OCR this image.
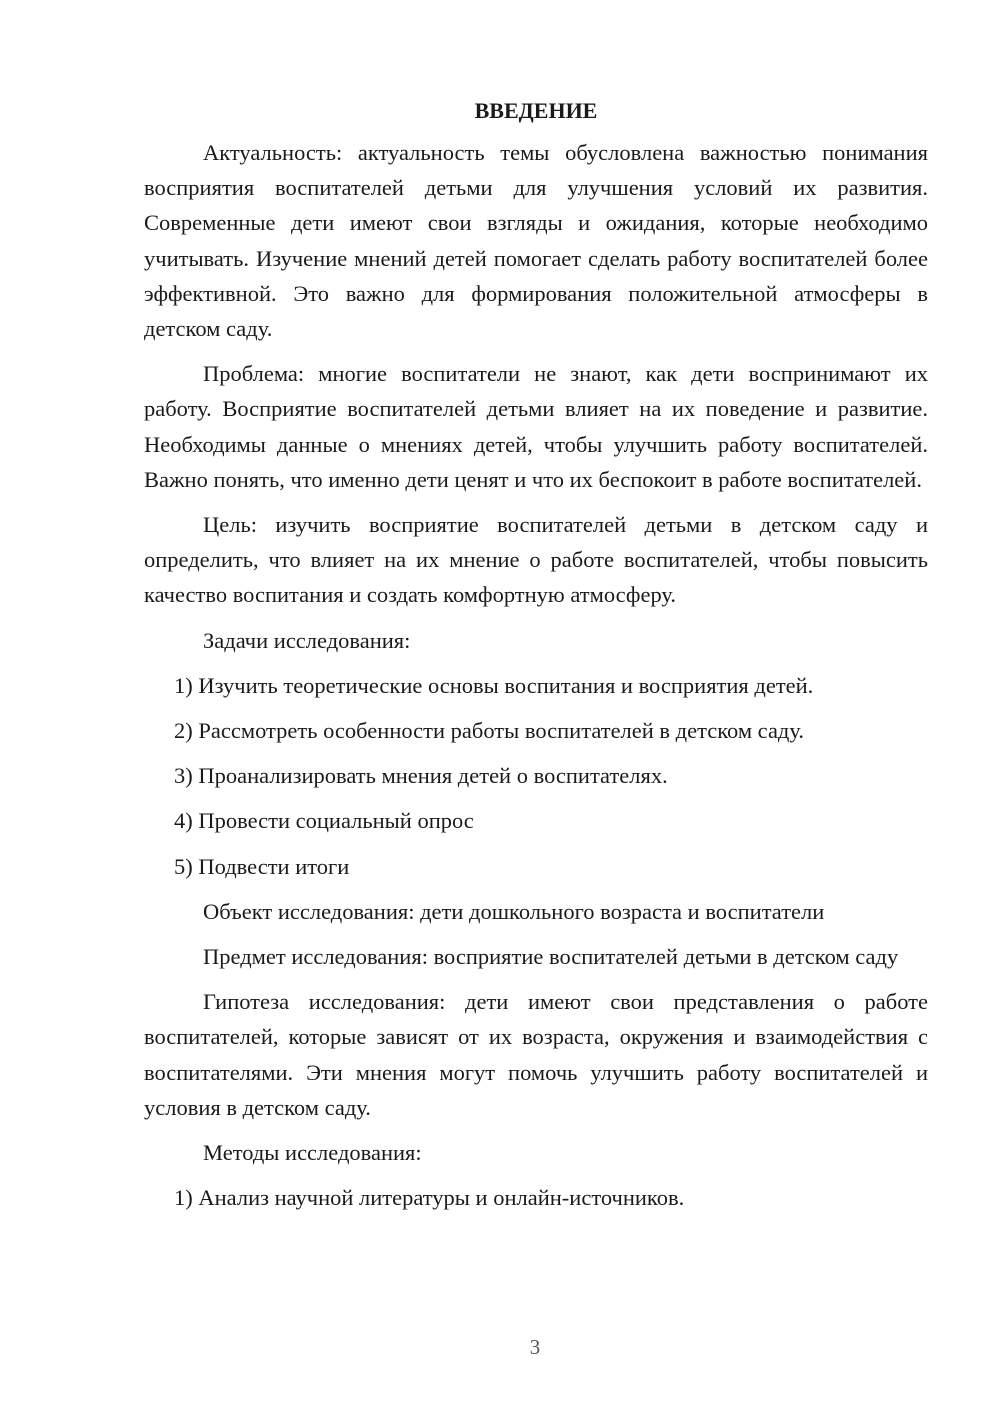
ВВЕДЕНИЕ
Актуальность: актуальность темы обусловлена важностью понимания восприятия воспитателей детьми для улучшения условий их развития. Современные дети имеют свои взгляды и ожидания, которые необходимо учитывать. Изучение мнений детей помогает сделать работу воспитателей более эффективной. Это важно для формирования положительной атмосферы в детском саду.
Проблема: многие воспитатели не знают, как дети воспринимают их работу. Восприятие воспитателей детьми влияет на их поведение и развитие. Необходимы данные о мнениях детей, чтобы улучшить работу воспитателей. Важно понять, что именно дети ценят и что их беспокоит в работе воспитателей.
Цель: изучить восприятие воспитателей детьми в детском саду и определить, что влияет на их мнение о работе воспитателей, чтобы повысить качество воспитания и создать комфортную атмосферу.
Задачи исследования:
1) Изучить теоретические основы воспитания и восприятия детей.
2) Рассмотреть особенности работы воспитателей в детском саду.
3) Проанализировать мнения детей о воспитателях.
4) Провести социальный опрос
5) Подвести итоги
Объект исследования: дети дошкольного возраста и воспитатели
Предмет исследования: восприятие воспитателей детьми в детском саду
Гипотеза исследования: дети имеют свои представления о работе воспитателей, которые зависят от их возраста, окружения и взаимодействия с воспитателями. Эти мнения могут помочь улучшить работу воспитателей и условия в детском саду.
Методы исследования:
1) Анализ научной литературы и онлайн-источников.
3
